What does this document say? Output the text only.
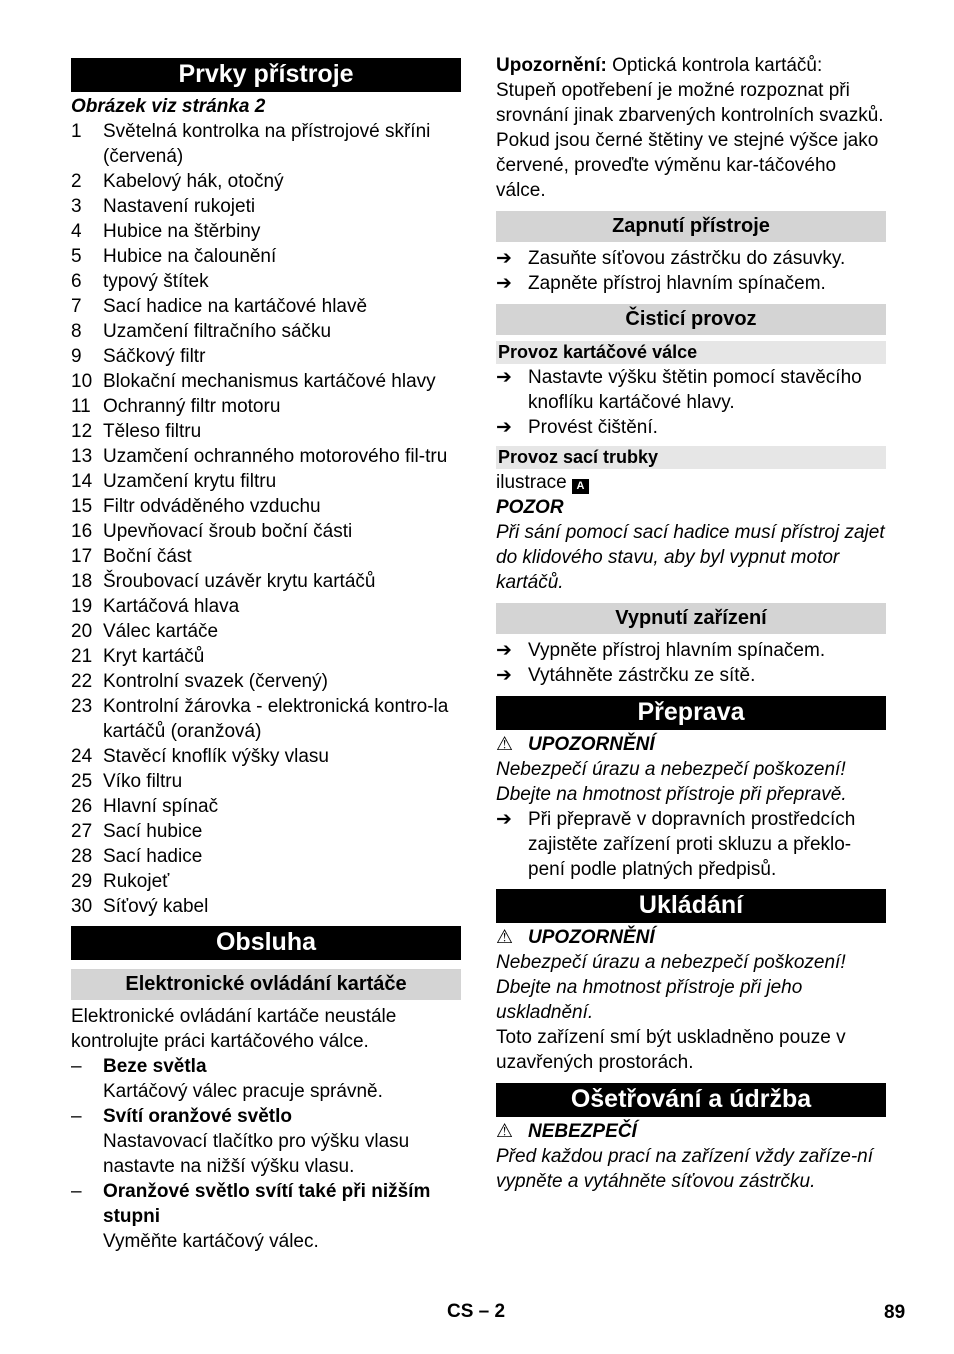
Prvky přístroje
Obrázek viz stránka 2
1	Světelná kontrolka na přístrojové skříni (červená)
2	Kabelový hák, otočný
3	Nastavení rukojeti
4	Hubice na štěrbiny
5	Hubice na čalounění
6	typový štítek
7	Sací hadice na kartáčové hlavě
8	Uzamčení filtračního sáčku
9	Sáčkový filtr
10 Blokační mechanismus kartáčové hlavy
11 Ochranný filtr motoru
12 Těleso filtru
13 Uzamčení ochranného motorového fil-tru
14 Uzamčení krytu filtru
15 Filtr odváděného vzduchu
16 Upevňovací šroub boční části
17 Boční část
18 Šroubovací uzávěr krytu kartáčů
19 Kartáčová hlava
20 Válec kartáče
21 Kryt kartáčů
22 Kontrolní svazek (červený)
23 Kontrolní žárovka - elektronická kontro-la kartáčů (oranžová)
24 Stavěcí knoflík výšky vlasu
25 Víko filtru
26 Hlavní spínač
27 Sací hubice
28 Sací hadice
29 Rukojeť
30 Síťový kabel
Obsluha
Elektronické ovládání kartáče
Elektronické ovládání kartáče neustále kontrolujte práci kartáčového válce.
–	Beze světla
Kartáčový válec pracuje správně.
–	Svítí oranžové světlo
Nastavovací tlačítko pro výšku vlasu nastavte na nižší výšku vlasu.
–	Oranžové světlo svítí také při nižším stupni
Vyměňte kartáčový válec.
Upozornění: Optická kontrola kartáčů: Stupeň opotřebení je možné rozpoznat při srovnání jinak zbarvených kontrolních svazků. Pokud jsou černé štětiny ve stejné výšce jako červené, proveďte výměnu kar-táčového válce.
Zapnutí přístroje
➔ Zasuňte síťovou zástrčku do zásuvky.
➔ Zapněte přístroj hlavním spínačem.
Čisticí provoz
Provoz kartáčové válce
➔ Nastavte výšku štětin pomocí stavěcího knoflíku kartáčové hlavy.
➔ Provést čištění.
Provoz sací trubky
ilustrace A
POZOR
Při sání pomocí sací hadice musí přístroj zajet do klidového stavu, aby byl vypnut motor kartáčů.
Vypnutí zařízení
➔ Vypněte přístroj hlavním spínačem.
➔ Vytáhněte zástrčku ze sítě.
Přeprava
⚠ UPOZORNĚNÍ
Nebezpečí úrazu a nebezpečí poškození! Dbejte na hmotnost přístroje při přepravě.
➔ Při přepravě v dopravních prostředcích zajistěte zařízení proti skluzu a překlo-pení podle platných předpisů.
Ukládání
⚠ UPOZORNĚNÍ
Nebezpečí úrazu a nebezpečí poškození! Dbejte na hmotnost přístroje při jeho uskladnění.
Toto zařízení smí být uskladněno pouze v uzavřených prostorách.
Ošetřování a údržba
⚠ NEBEZPEČÍ
Před každou prací na zařízení vždy zaříze-ní vypněte a vytáhněte síťovou zástrčku.
CS – 2	89
